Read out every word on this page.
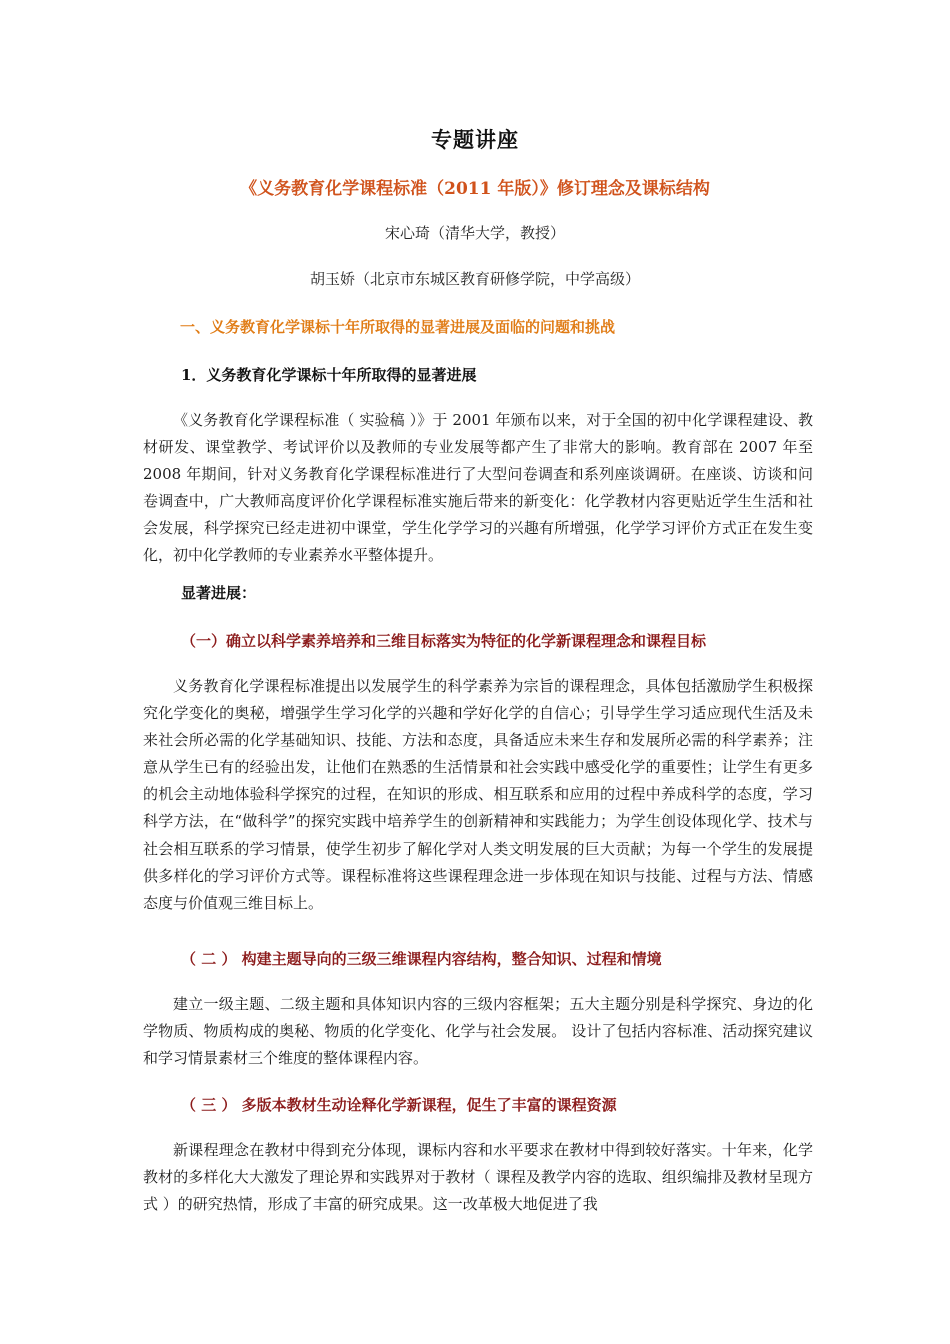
专题讲座
《义务教育化学课程标准（2011 年版）》修订理念及课标结构
宋心琦（清华大学，教授）
胡玉娇（北京市东城区教育研修学院，中学高级）
一、义务教育化学课标十年所取得的显著进展及面临的问题和挑战
1．义务教育化学课标十年所取得的显著进展
《义务教育化学课程标准（ 实验稿 ）》于 2001 年颁布以来，对于全国的初中化学课程建设、教材研发、课堂教学、考试评价以及教师的专业发展等都产生了非常大的影响。教育部在 2007 年至 2008 年期间，针对义务教育化学课程标准进行了大型问卷调查和系列座谈调研。在座谈、访谈和问卷调查中，广大教师高度评价化学课程标准实施后带来的新变化：化学教材内容更贴近学生生活和社会发展，科学探究已经走进初中课堂，学生化学学习的兴趣有所增强，化学学习评价方式正在发生变化，初中化学教师的专业素养水平整体提升。
显著进展：
（一）确立以科学素养培养和三维目标落实为特征的化学新课程理念和课程目标
义务教育化学课程标准提出以发展学生的科学素养为宗旨的课程理念，具体包括激励学生积极探究化学变化的奥秘，增强学生学习化学的兴趣和学好化学的自信心；引导学生学习适应现代生活及未来社会所必需的化学基础知识、技能、方法和态度，具备适应未来生存和发展所必需的科学素养；注意从学生已有的经验出发，让他们在熟悉的生活情景和社会实践中感受化学的重要性；让学生有更多的机会主动地体验科学探究的过程，在知识的形成、相互联系和应用的过程中养成科学的态度，学习科学方法，在“做科学”的探究实践中培养学生的创新精神和实践能力；为学生创设体现化学、技术与社会相互联系的学习情景，使学生初步了解化学对人类文明发展的巨大贡献；为每一个学生的发展提供多样化的学习评价方式等。课程标准将这些课程理念进一步体现在知识与技能、过程与方法、情感态度与价值观三维目标上。
（ 二 ） 构建主题导向的三级三维课程内容结构，整合知识、过程和情境
建立一级主题、二级主题和具体知识内容的三级内容框架；五大主题分别是科学探究、身边的化学物质、物质构成的奥秘、物质的化学变化、化学与社会发展。 设计了包括内容标准、活动探究建议和学习情景素材三个维度的整体课程内容。
（ 三 ） 多版本教材生动诠释化学新课程，促生了丰富的课程资源
新课程理念在教材中得到充分体现，课标内容和水平要求在教材中得到较好落实。十年来，化学教材的多样化大大激发了理论界和实践界对于教材（ 课程及教学内容的选取、组织编排及教材呈现方式 ）的研究热情，形成了丰富的研究成果。这一改革极大地促进了我
